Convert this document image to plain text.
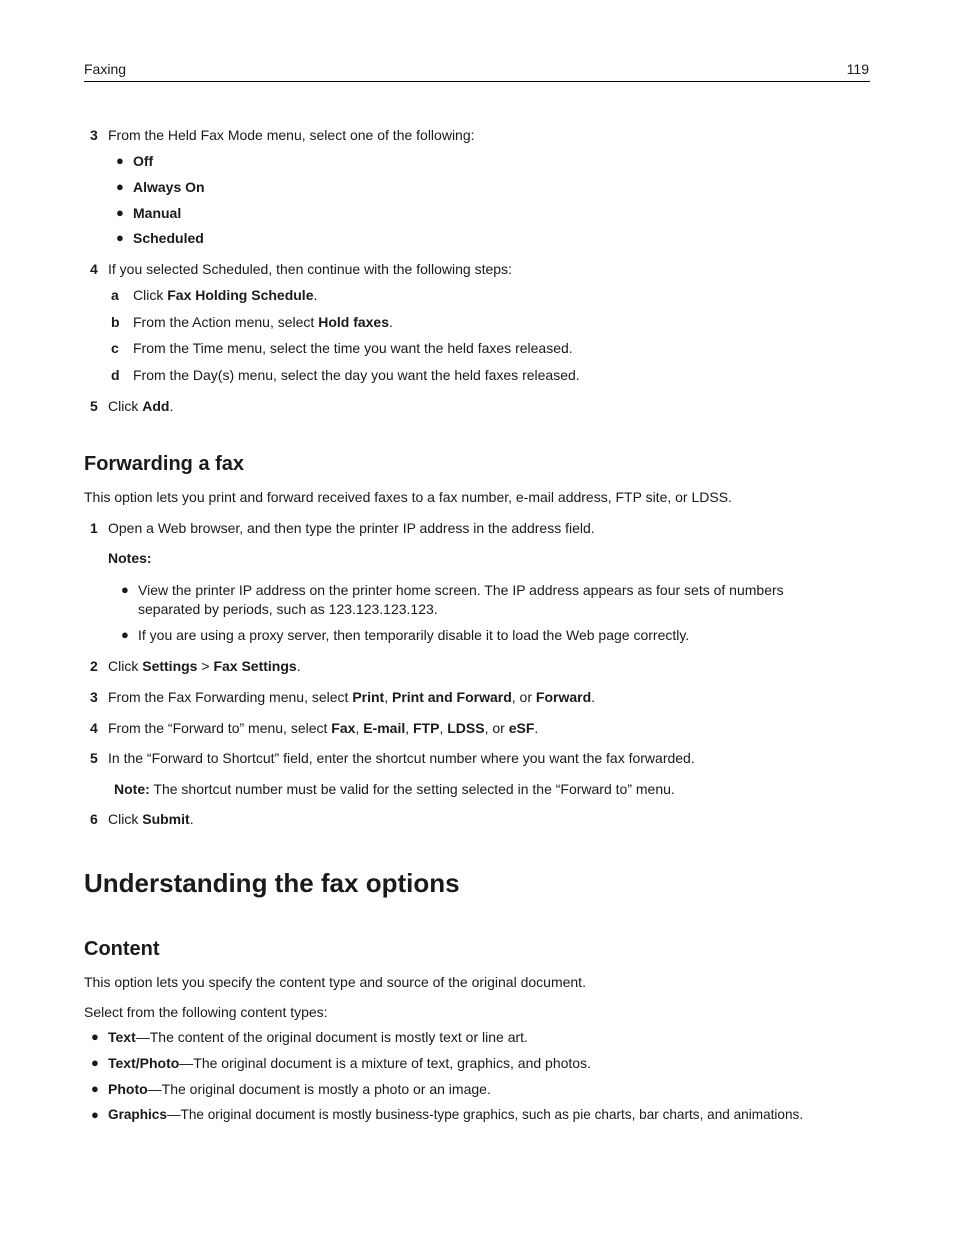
Faxing	119
3 From the Held Fax Mode menu, select one of the following:
● Off
● Always On
● Manual
● Scheduled
4 If you selected Scheduled, then continue with the following steps:
a Click Fax Holding Schedule.
b From the Action menu, select Hold faxes.
c From the Time menu, select the time you want the held faxes released.
d From the Day(s) menu, select the day you want the held faxes released.
5 Click Add.
Forwarding a fax
This option lets you print and forward received faxes to a fax number, e-mail address, FTP site, or LDSS.
1 Open a Web browser, and then type the printer IP address in the address field.
Notes:
● View the printer IP address on the printer home screen. The IP address appears as four sets of numbers
separated by periods, such as 123.123.123.123.
● If you are using a proxy server, then temporarily disable it to load the Web page correctly.
2 Click Settings > Fax Settings.
3 From the Fax Forwarding menu, select Print, Print and Forward, or Forward.
4 From the “Forward to” menu, select Fax, E-mail, FTP, LDSS, or eSF.
5 In the “Forward to Shortcut” field, enter the shortcut number where you want the fax forwarded.
Note: The shortcut number must be valid for the setting selected in the “Forward to” menu.
6 Click Submit.
Understanding the fax options
Content
This option lets you specify the content type and source of the original document.
Select from the following content types:
● Text—The content of the original document is mostly text or line art.
● Text/Photo—The original document is a mixture of text, graphics, and photos.
● Photo—The original document is mostly a photo or an image.
● Graphics—The original document is mostly business-type graphics, such as pie charts, bar charts, and animations.
